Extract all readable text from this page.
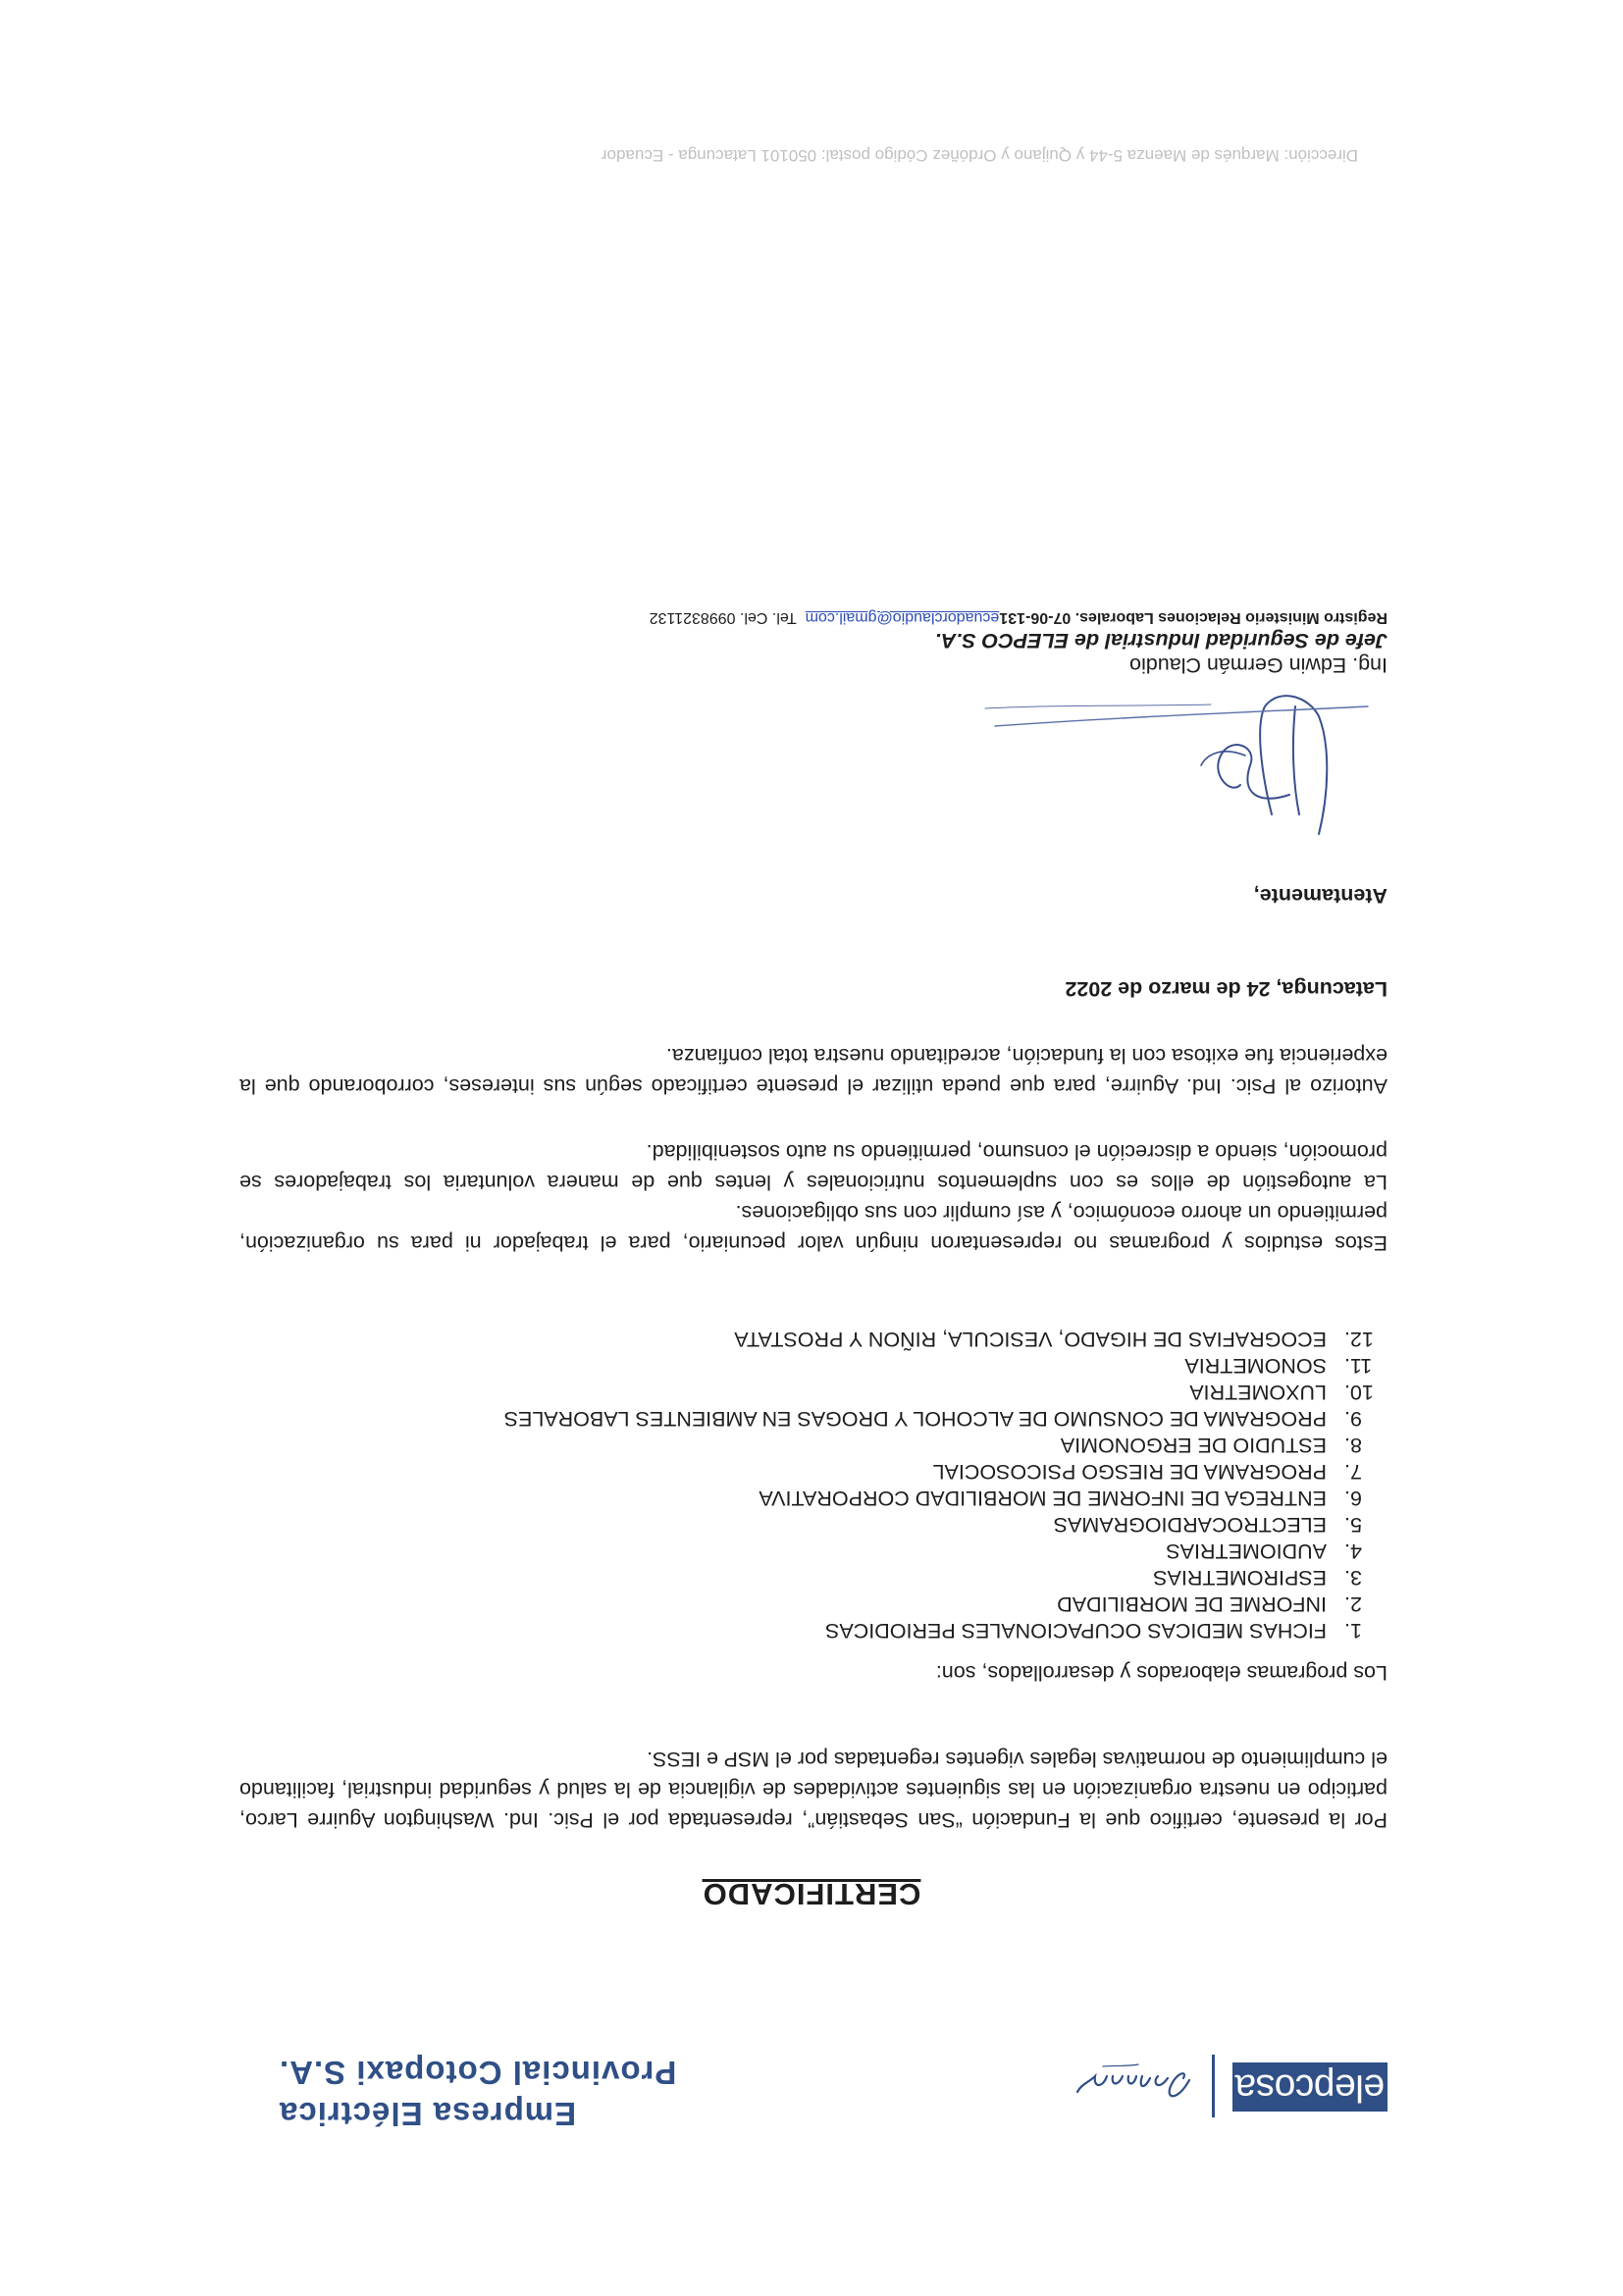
elepcosa
Empresa Eléctrica
Provincial Cotopaxi S.A.
CERTIFICADO
Por la presente, certifico que la Fundación “San Sebastián”, representada por el Psic. Ind. Washington Aguirre Larco, participo en nuestra organización en las siguientes actividades de vigilancia de la salud y seguridad industrial, facilitando el cumplimiento de normativas legales vigentes regentadas por el MSP e IESS.
Los programas elaborados y desarrollados, son:
1.
FICHAS MEDICAS OCUPACIONALES PERIODICAS
2.
INFORME DE MORBILIDAD
3.
ESPIROMETRIAS
4.
AUDIOMETRIAS
5.
ELECTROCARDIOGRAMAS
6.
ENTREGA DE INFORME DE MORBILIDAD CORPORATIVA
7.
PROGRAMA DE RIESGO PSICOSOCIAL
8.
ESTUDIO DE ERGONOMIA
9.
PROGRAMA DE CONSUMO DE ALCOHOL Y DROGAS EN AMBIENTES LABORALES
10.
LUXOMETRIA
11.
SONOMETRIA
12.
ECOGRAFIAS DE HIGADO, VESICULA, RIÑON Y PROSTATA
Estos estudios y programas no representaron ningún valor pecuniario, para el trabajador ni para su organización, permitiendo un ahorro económico, y así cumplir con sus obligaciones.
La autogestión de ellos es con suplementos nutricionales y lentes que de manera voluntaria los trabajadores se promoción, siendo a discreción el consumo, permitiendo su auto sostenibilidad.
Autorizo al Psic. Ind. Aguirre, para que pueda utilizar el presente certificado según sus intereses, corroborando que la experiencia fue exitosa con la fundación, acreditando nuestra total confianza.
Latacunga, 24 de marzo de 2022
Atentamente,
Ing. Edwin Germán Claudio
Jefe de Seguridad Industrial de ELEPCO S.A.
Registro Ministerio Relaciones Laborales. 07-06-131ecuadorclaudio@gmail.com  Tel. Cel. 0998321132
Dirección: Marqués de Maenza 5-44 y Quijano y Ordóñez Código postal: 050101 Latacunga - Ecuador
